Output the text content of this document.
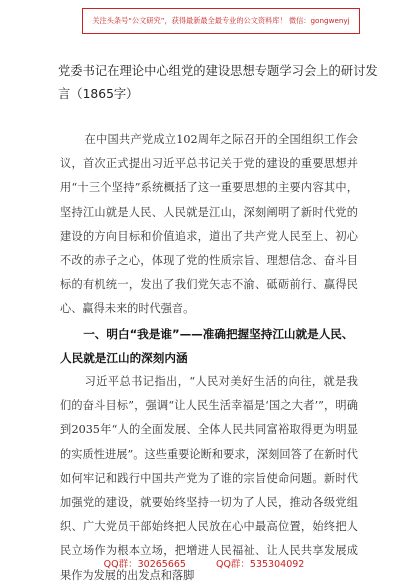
关注头条号“公文研究”，获得最新最全最专业的公文资料库！ 微信：gongwenyj
党委书记在理论中心组党的建设思想专题学习会上的研讨发言（1865字）

在中国共产党成立102周年之际召开的全国组织工作会议，首次正式提出习近平总书记关于党的建设的重要思想并用“十三个坚持”系统概括了这一重要思想的主要内容其中，坚持江山就是人民、人民就是江山，深刻阐明了新时代党的建设的方向目标和价值追求，道出了共产党人民至上、初心不改的赤子之心，体现了党的性质宗旨、理想信念、奋斗目标的有机统一，发出了我们党矢志不渝、砥砺前行、赢得民心、赢得未来的时代强音。

一、明白“我是谁”——准确把握坚持江山就是人民、人民就是江山的深刻内涵

习近平总书记指出，“人民对美好生活的向往，就是我们的奋斗目标”，强调“让人民生活幸福是‘国之大者’”，明确到2035年“人的全面发展、全体人民共同富裕取得更为明显的实质性进展”。这些重要论断和要求，深刻回答了在新时代如何牢记和践行中国共产党为了谁的宗旨使命问题。新时代加强党的建设，就要始终坚持一切为了人民，推动各级党组织、广大党员干部始终把人民放在心中最高位置，始终把人民立场作为根本立场，把增进人民福祉、让人民共享发展成果作为发展的出发点和落脚

QQ群：30265665	QQ群：535304092
